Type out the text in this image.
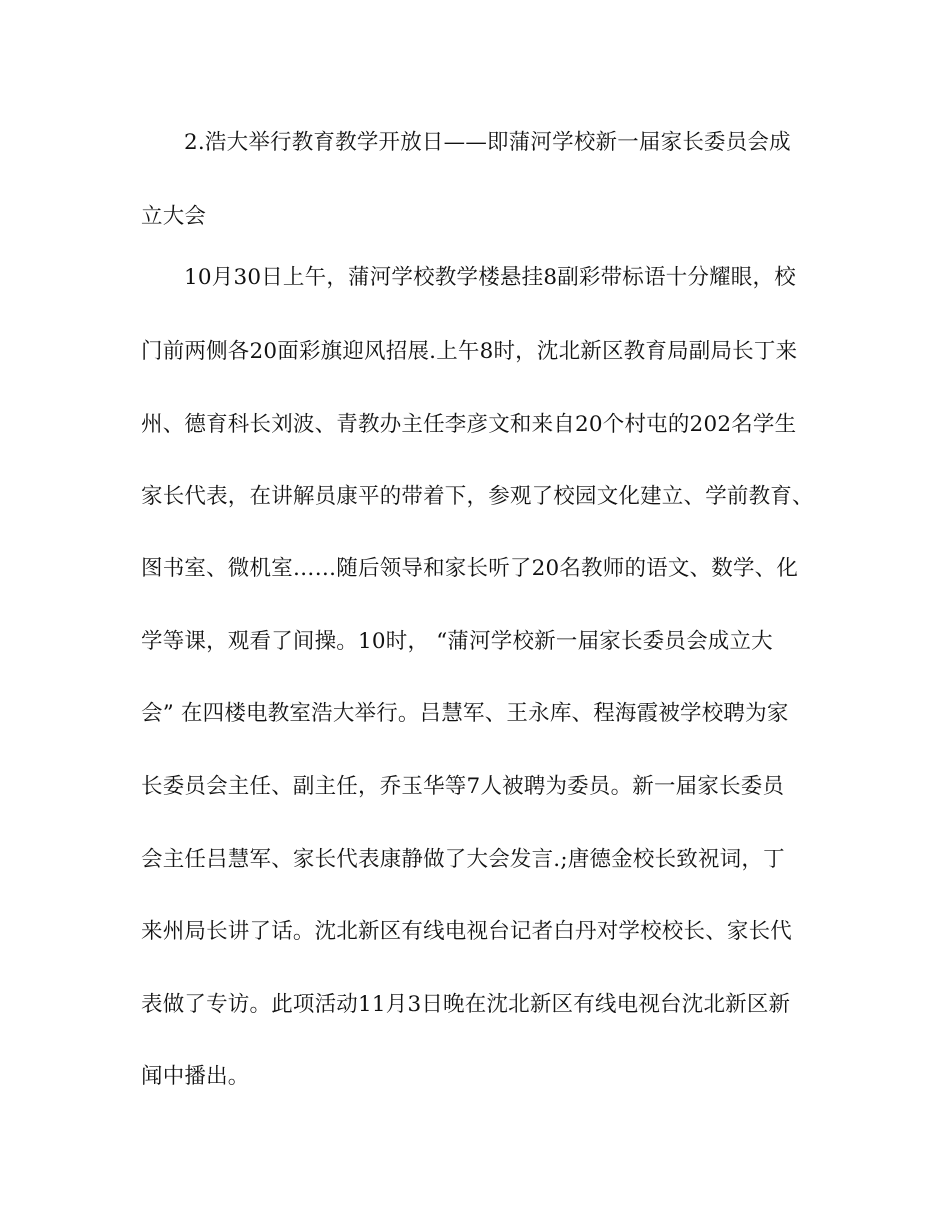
2.浩大举行教育教学开放日——即蒲河学校新一届家长委员会成
立大会
10月30日上午，蒲河学校教学楼悬挂8副彩带标语十分耀眼，校
门前两侧各20面彩旗迎风招展.上午8时，沈北新区教育局副局长丁来
州、德育科长刘波、青教办主任李彦文和来自20个村屯的202名学生
家长代表，在讲解员康平的带着下，参观了校园文化建立、学前教育、
图书室、微机室……随后领导和家长听了20名教师的语文、数学、化
学等课，观看了间操。10时， “蒲河学校新一届家长委员会成立大
会” 在四楼电教室浩大举行。吕慧军、王永库、程海霞被学校聘为家
长委员会主任、副主任，乔玉华等7人被聘为委员。新一届家长委员
会主任吕慧军、家长代表康静做了大会发言.;唐德金校长致祝词，丁
来州局长讲了话。沈北新区有线电视台记者白丹对学校校长、家长代
表做了专访。此项活动11月3日晚在沈北新区有线电视台沈北新区新
闻中播出。
